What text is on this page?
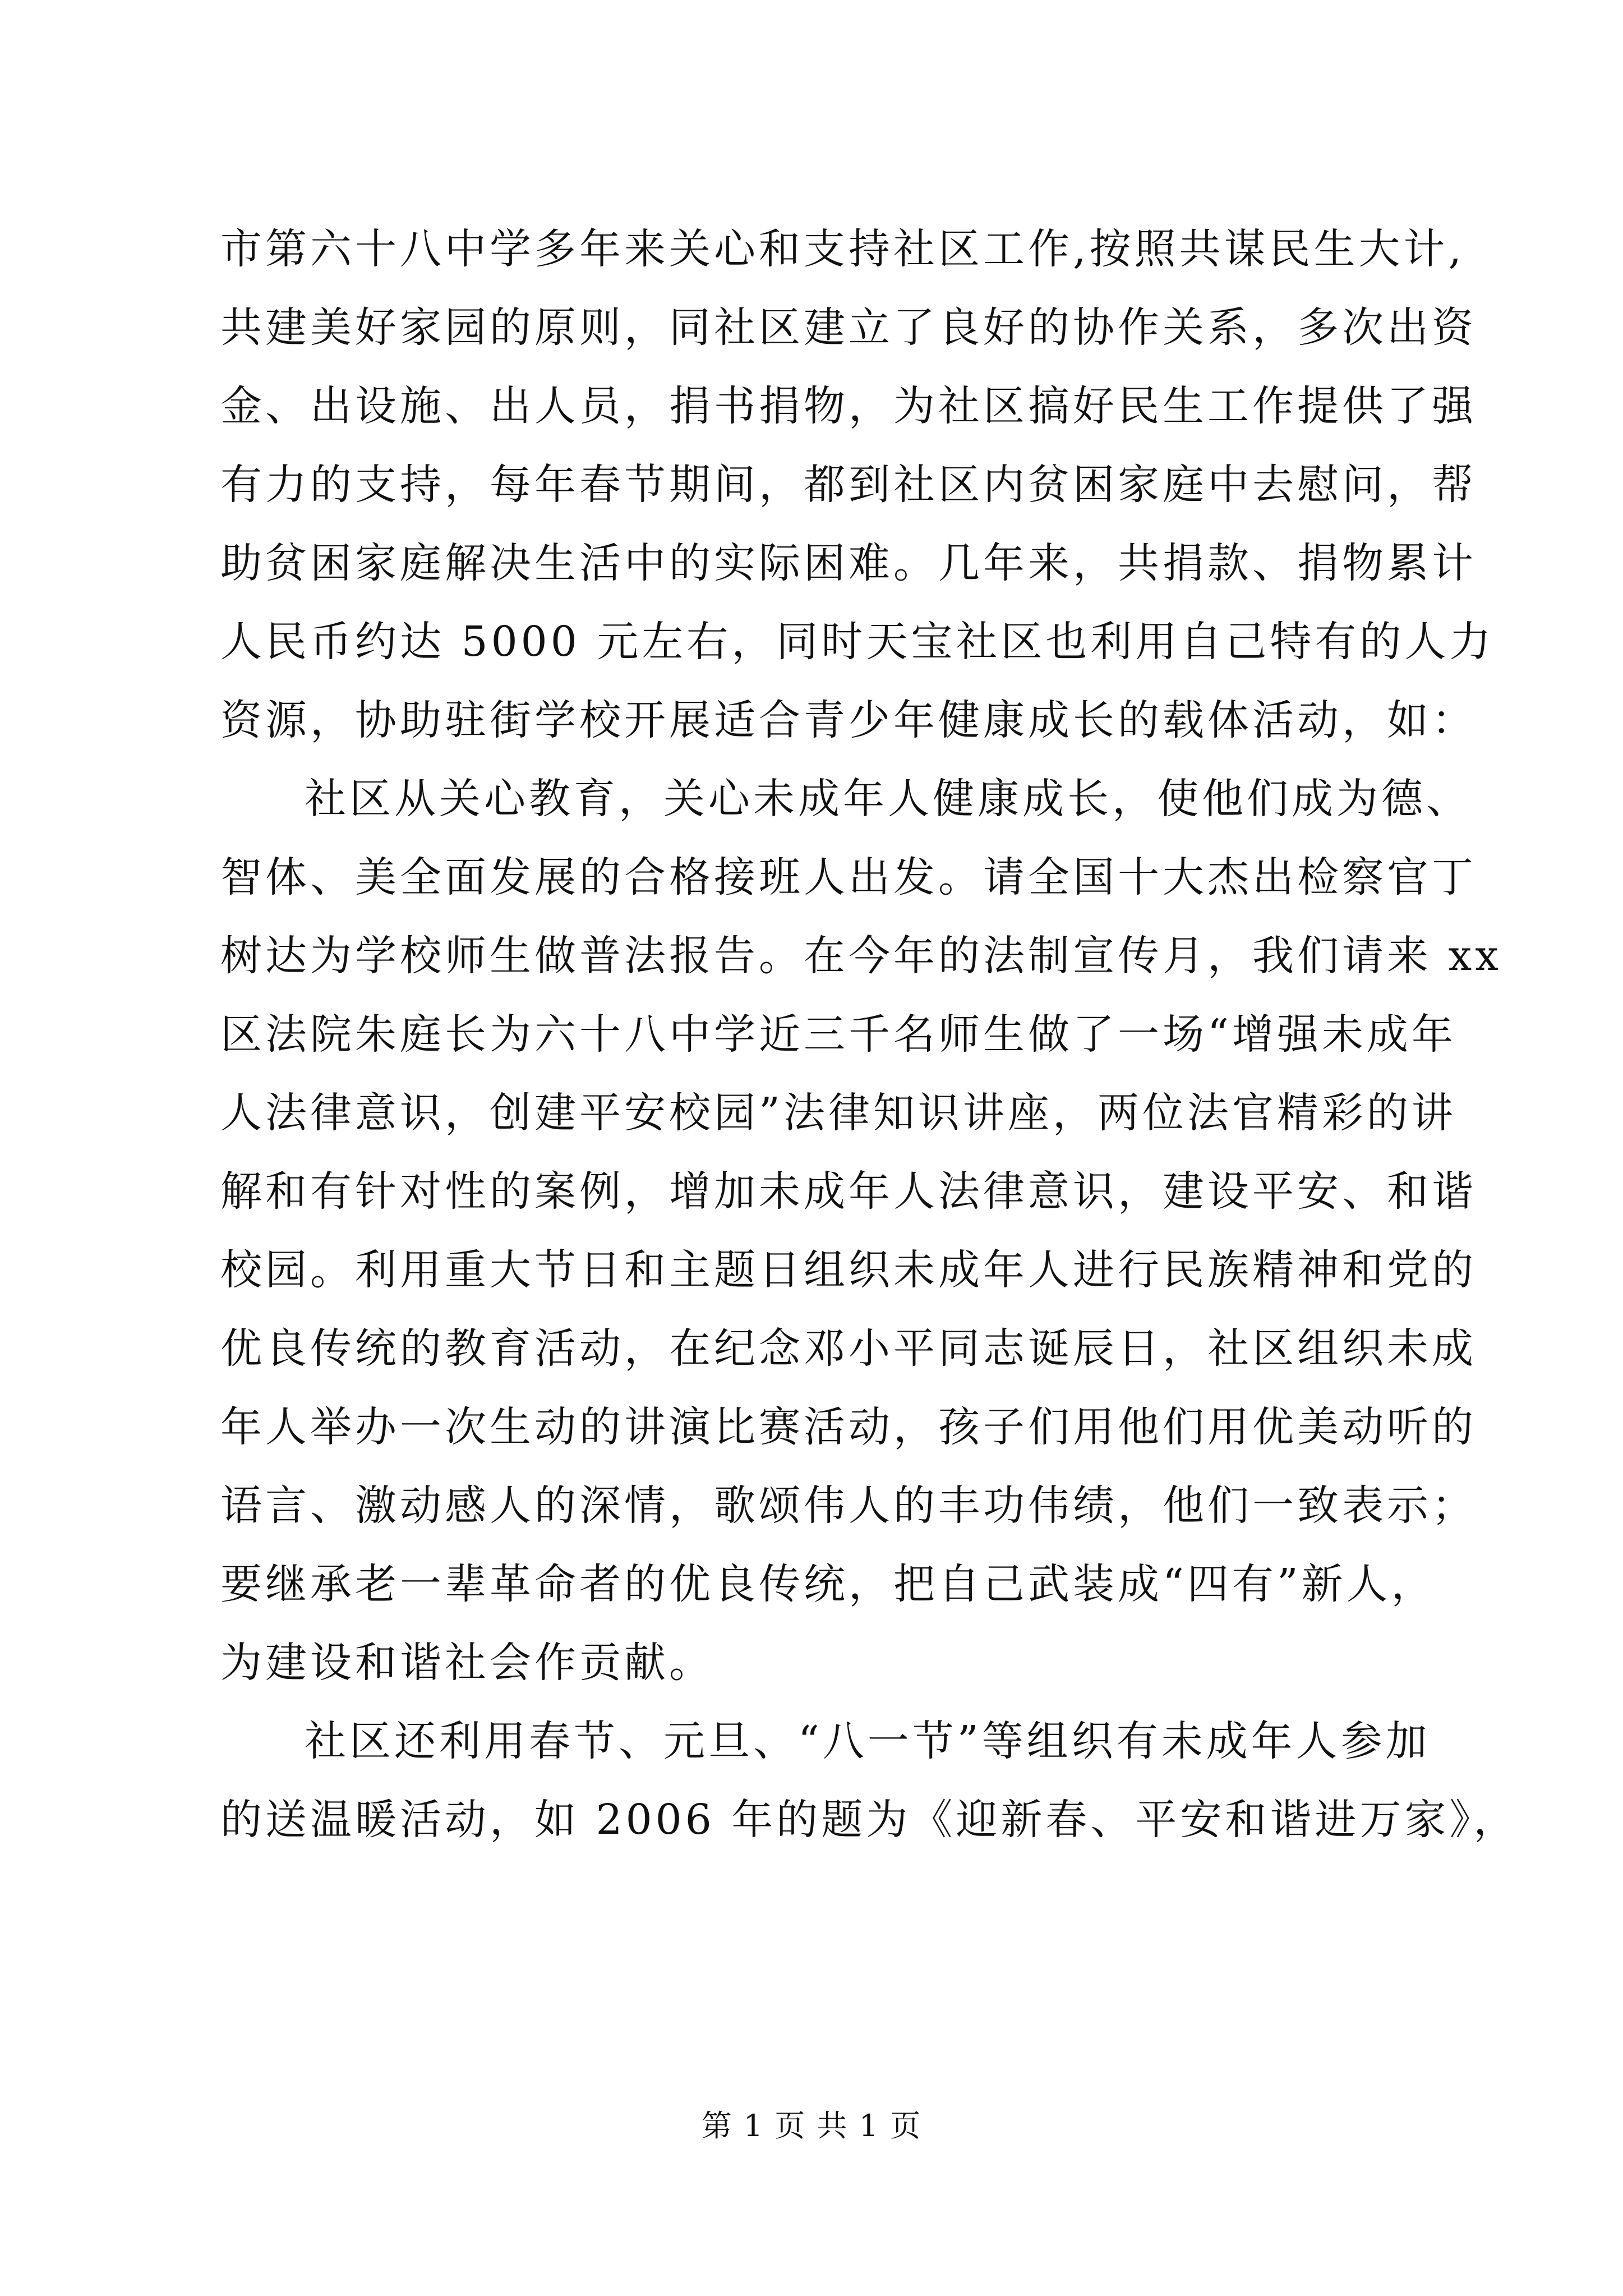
市第六十八中学多年来关心和支持社区工作,按照共谋民生大计,
共建美好家园的原则，同社区建立了良好的协作关系，多次出资
金、出设施、出人员，捐书捐物，为社区搞好民生工作提供了强
有力的支持，每年春节期间，都到社区内贫困家庭中去慰问，帮
助贫困家庭解决生活中的实际困难。几年来，共捐款、捐物累计
人民币约达 5000 元左右，同时天宝社区也利用自己特有的人力
资源，协助驻街学校开展适合青少年健康成长的载体活动，如：
社区从关心教育，关心未成年人健康成长，使他们成为德、
智体、美全面发展的合格接班人出发。请全国十大杰出检察官丁
树达为学校师生做普法报告。在今年的法制宣传月，我们请来 xx
区法院朱庭长为六十八中学近三千名师生做了一场“增强未成年
人法律意识，创建平安校园”法律知识讲座，两位法官精彩的讲
解和有针对性的案例，增加未成年人法律意识，建设平安、和谐
校园。利用重大节日和主题日组织未成年人进行民族精神和党的
优良传统的教育活动，在纪念邓小平同志诞辰日，社区组织未成
年人举办一次生动的讲演比赛活动，孩子们用他们用优美动听的
语言、激动感人的深情，歌颂伟人的丰功伟绩，他们一致表示；
要继承老一辈革命者的优良传统，把自己武装成“四有”新人，
为建设和谐社会作贡献。
社区还利用春节、元旦、“八一节”等组织有未成年人参加
的送温暖活动，如 2006 年的题为《迎新春、平安和谐进万家》，
第 1 页 共 1 页
